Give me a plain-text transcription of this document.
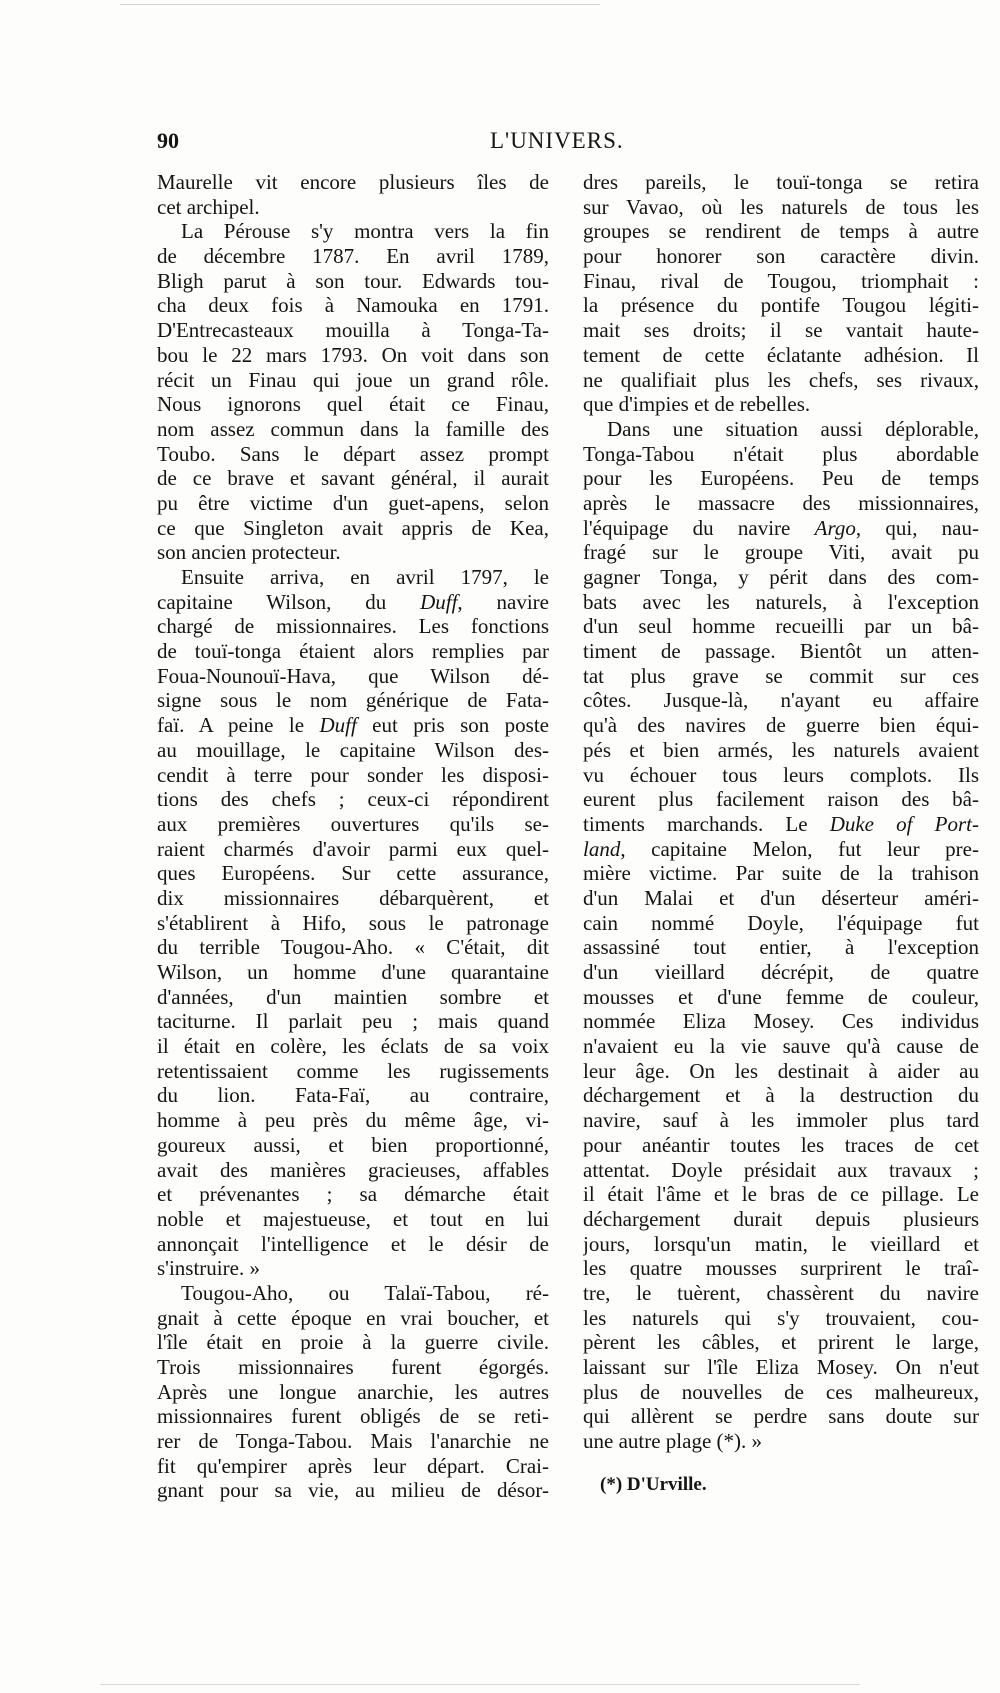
90	L'UNIVERS.
Maurelle vit encore plusieurs îles de
cet archipel.
La Pérouse s'y montra vers la fin
de décembre 1787. En avril 1789,
Bligh parut à son tour. Edwards tou-
cha deux fois à Namouka en 1791.
D'Entrecasteaux mouilla à Tonga-Ta-
bou le 22 mars 1793. On voit dans son
récit un Finau qui joue un grand rôle.
Nous ignorons quel était ce Finau,
nom assez commun dans la famille des
Toubo. Sans le départ assez prompt
de ce brave et savant général, il aurait
pu être victime d'un guet-apens, selon
ce que Singleton avait appris de Kea,
son ancien protecteur.
Ensuite arriva, en avril 1797, le
capitaine Wilson, du Duff, navire
chargé de missionnaires. Les fonctions
de touï-tonga étaient alors remplies par
Foua-Nounouï-Hava, que Wilson dé-
signe sous le nom générique de Fata-
faï. A peine le Duff eut pris son poste
au mouillage, le capitaine Wilson des-
cendit à terre pour sonder les disposi-
tions des chefs ; ceux-ci répondirent
aux premières ouvertures qu'ils se-
raient charmés d'avoir parmi eux quel-
ques Européens. Sur cette assurance,
dix missionnaires débarquèrent, et
s'établirent à Hifo, sous le patronage
du terrible Tougou-Aho. « C'était, dit
Wilson, un homme d'une quarantaine
d'années, d'un maintien sombre et
taciturne. Il parlait peu ; mais quand
il était en colère, les éclats de sa voix
retentissaient comme les rugissements
du lion. Fata-Faï, au contraire,
homme à peu près du même âge, vi-
goureux aussi, et bien proportionné,
avait des manières gracieuses, affables
et prévenantes ; sa démarche était
noble et majestueuse, et tout en lui
annonçait l'intelligence et le désir de
s'instruire. »
Tougou-Aho, ou Talaï-Tabou, ré-
gnait à cette époque en vrai boucher, et
l'île était en proie à la guerre civile.
Trois missionnaires furent égorgés.
Après une longue anarchie, les autres
missionnaires furent obligés de se reti-
rer de Tonga-Tabou. Mais l'anarchie ne
fit qu'empirer après leur départ. Crai-
gnant pour sa vie, au milieu de désor-
dres pareils, le touï-tonga se retira
sur Vavao, où les naturels de tous les
groupes se rendirent de temps à autre
pour honorer son caractère divin.
Finau, rival de Tougou, triomphait :
la présence du pontife Tougou légiti-
mait ses droits; il se vantait haute-
tement de cette éclatante adhésion. Il
ne qualifiait plus les chefs, ses rivaux,
que d'impies et de rebelles.
Dans une situation aussi déplorable,
Tonga-Tabou n'était plus abordable
pour les Européens. Peu de temps
après le massacre des missionnaires,
l'équipage du navire Argo, qui, nau-
fragé sur le groupe Viti, avait pu
gagner Tonga, y périt dans des com-
bats avec les naturels, à l'exception
d'un seul homme recueilli par un bâ-
timent de passage. Bientôt un atten-
tat plus grave se commit sur ces
côtes. Jusque-là, n'ayant eu affaire
qu'à des navires de guerre bien équi-
pés et bien armés, les naturels avaient
vu échouer tous leurs complots. Ils
eurent plus facilement raison des bâ-
timents marchands. Le Duke of Port-
land, capitaine Melon, fut leur pre-
mière victime. Par suite de la trahison
d'un Malai et d'un déserteur améri-
cain nommé Doyle, l'équipage fut
assassiné tout entier, à l'exception
d'un vieillard décrépit, de quatre
mousses et d'une femme de couleur,
nommée Eliza Mosey. Ces individus
n'avaient eu la vie sauve qu'à cause de
leur âge. On les destinait à aider au
déchargement et à la destruction du
navire, sauf à les immoler plus tard
pour anéantir toutes les traces de cet
attentat. Doyle présidait aux travaux ;
il était l'âme et le bras de ce pillage. Le
déchargement durait depuis plusieurs
jours, lorsqu'un matin, le vieillard et
les quatre mousses surprirent le traî-
tre, le tuèrent, chassèrent du navire
les naturels qui s'y trouvaient, cou-
pèrent les câbles, et prirent le large,
laissant sur l'île Eliza Mosey. On n'eut
plus de nouvelles de ces malheureux,
qui allèrent se perdre sans doute sur
une autre plage (*). »
(*) D'Urville.
